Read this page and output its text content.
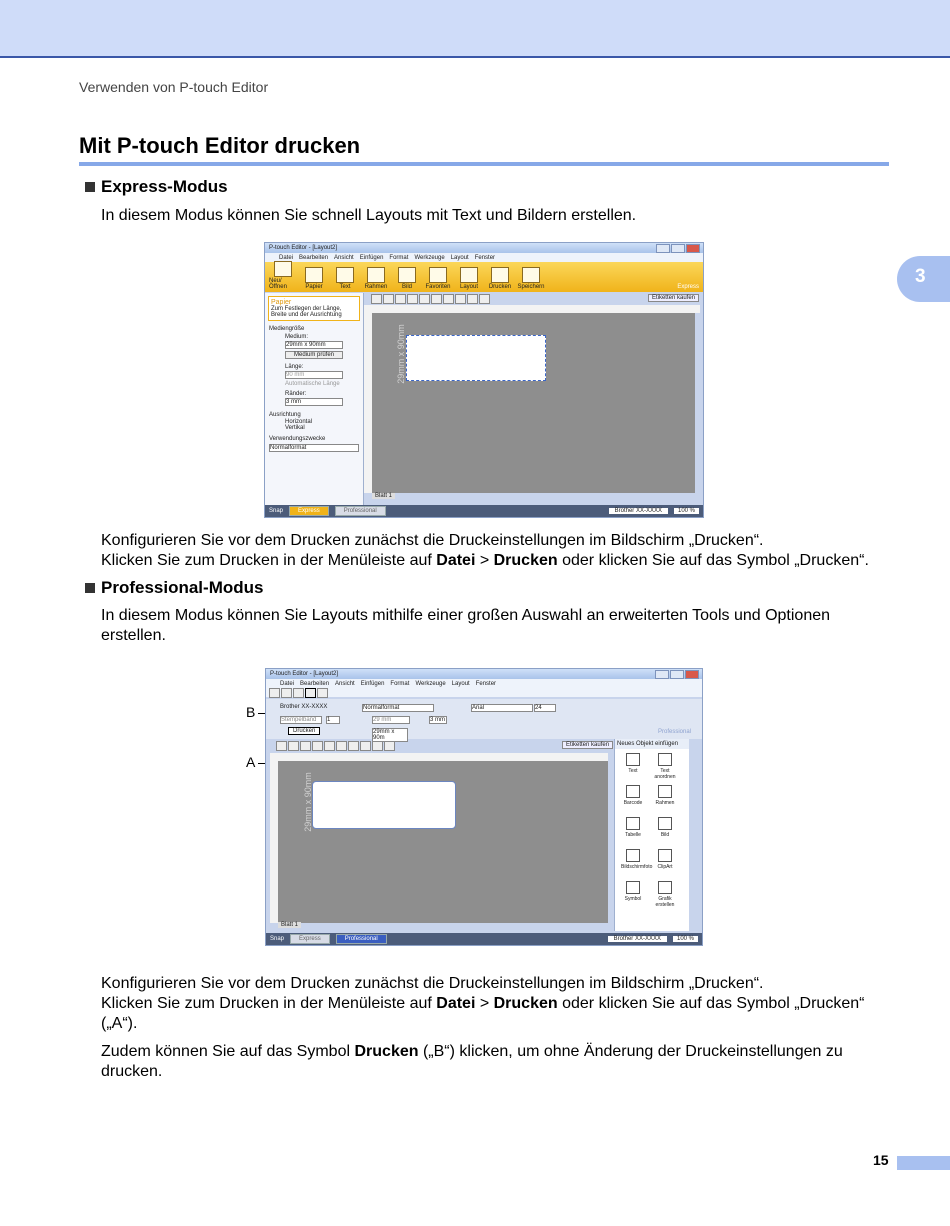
Verwenden von P-touch Editor
Mit P-touch Editor drucken
3
Express-Modus
In diesem Modus können Sie schnell Layouts mit Text und Bildern erstellen.
P-touch Editor - [Layout2]
Datei Bearbeiten Ansicht Einfügen Format Werkzeuge Layout Fenster
Neu/Öffnen	Papier	Text Rahmen Bild Favoriten Layout Drucken Speichern	Express
Papier
Zum Festlegen der Länge, Breite und der Ausrichtung
Mediengröße
Medium:
29mm x 90mm
Medium prüfen
Länge:
90 mm
Automatische Länge
Ränder:
3 mm
Ausrichtung
Horizontal
Vertikal
Verwendungszwecke
Normalformat
Etiketten kaufen
29mm x 90mm
Blatt 1
Snap	Express	Professional	Brother XX-XXXX	100 %
Konfigurieren Sie vor dem Drucken zunächst die Druckeinstellungen im Bildschirm „Drucken“.
Klicken Sie zum Drucken in der Menüleiste auf Datei > Drucken oder klicken Sie auf das Symbol „Drucken“.
Professional-Modus
In diesem Modus können Sie Layouts mithilfe einer großen Auswahl an erweiterten Tools und Optionen erstellen.
B
A
P-touch Editor - [Layout2]
Datei Bearbeiten Ansicht Einfügen Format Werkzeuge Layout Fenster
Brother XX-XXXX
Stempelband	1
Drucken
Normalformat
29 mm	3 mm
29mm x 90m
Arial	24
Professional
Etiketten kaufen
29mm x 90mm
Blatt 1
Neues Objekt einfügen
Text	Text anordnen
Barcode	Rahmen
Tabelle	Bild
Bildschirmfoto	ClipArt
Symbol	Grafik erstellen
Snap	Express	Professional	Brother XX-XXXX	100 %
Konfigurieren Sie vor dem Drucken zunächst die Druckeinstellungen im Bildschirm „Drucken“.
Klicken Sie zum Drucken in der Menüleiste auf Datei > Drucken oder klicken Sie auf das Symbol „Drucken“ („A“).
Zudem können Sie auf das Symbol Drucken („B“) klicken, um ohne Änderung der Druckeinstellungen zu drucken.
15
